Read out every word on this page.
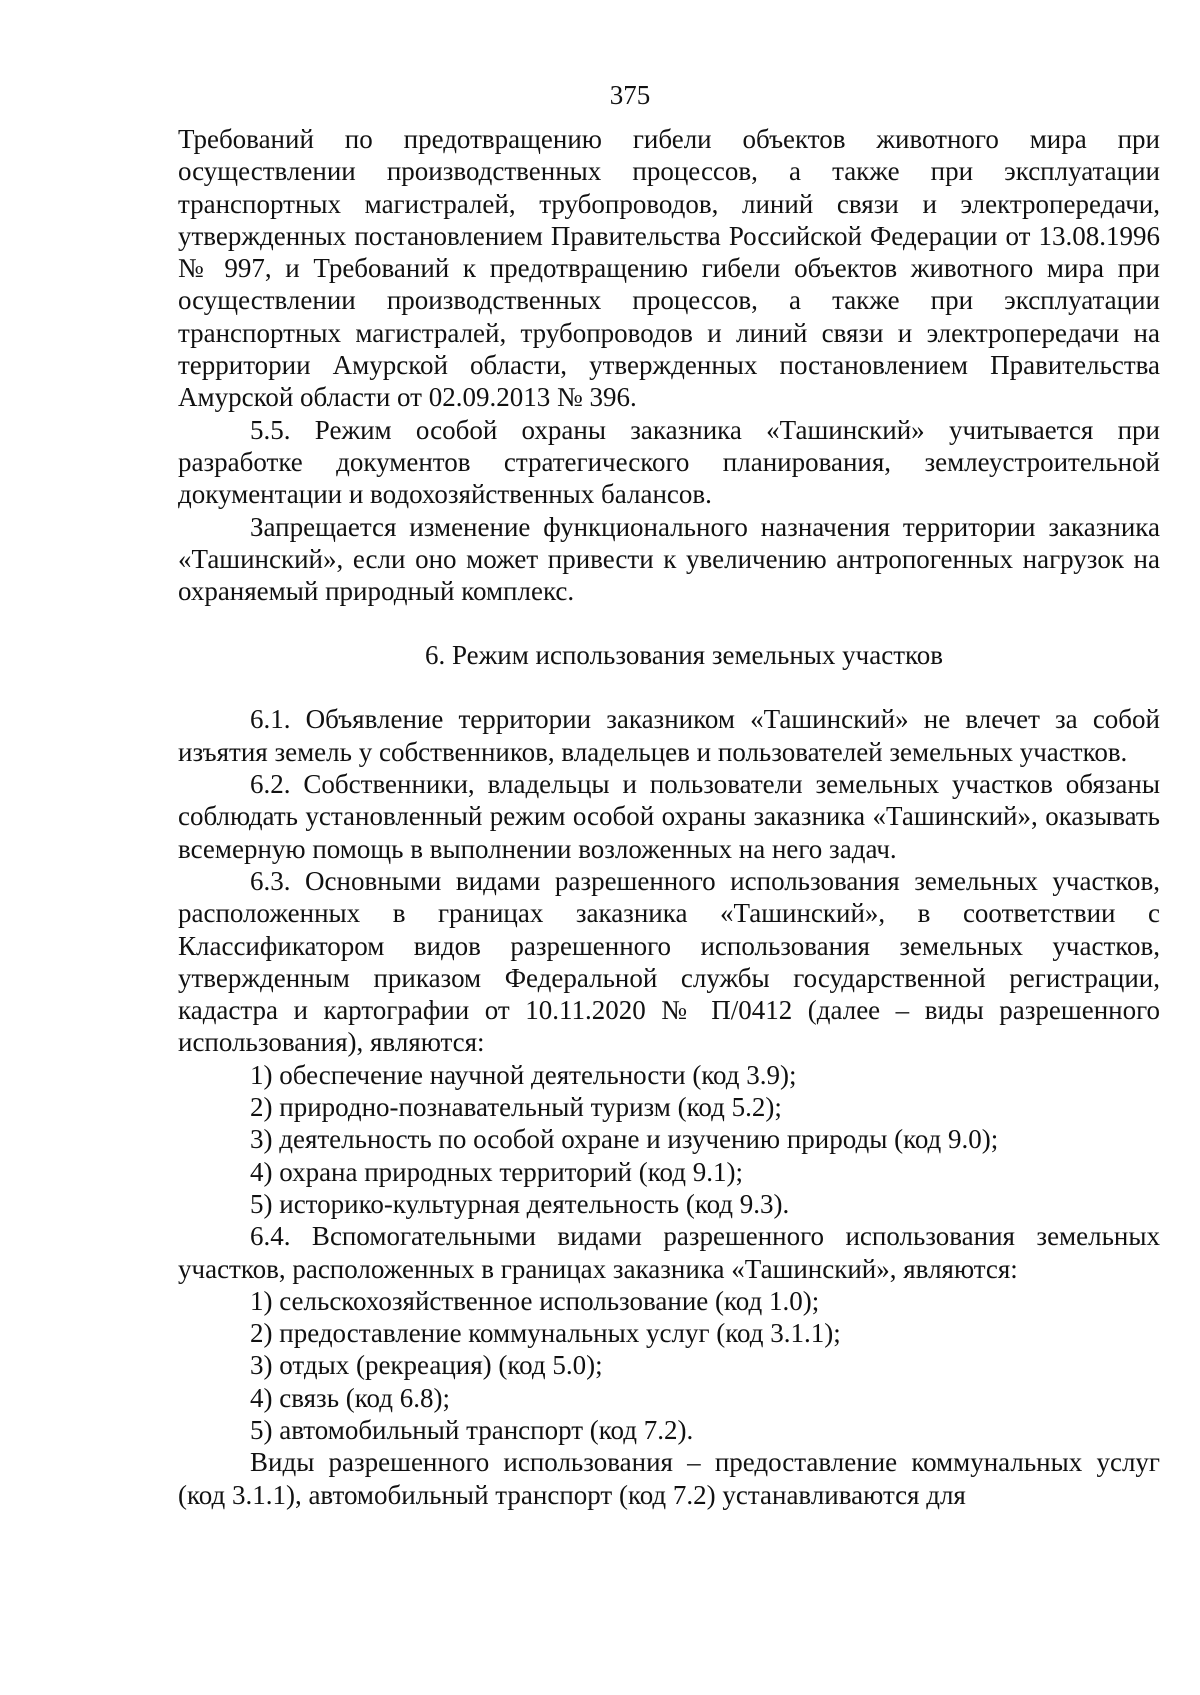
375

Требований по предотвращению гибели объектов животного мира при осуществлении производственных процессов, а также при эксплуатации транспортных магистралей, трубопроводов, линий связи и электропередачи, утвержденных постановлением Правительства Российской Федерации от 13.08.1996 № 997, и Требований к предотвращению гибели объектов животного мира при осуществлении производственных процессов, а также при эксплуатации транспортных магистралей, трубопроводов и линий связи и электропередачи на территории Амурской области, утвержденных постановлением Правительства Амурской области от 02.09.2013 № 396.

5.5. Режим особой охраны заказника «Ташинский» учитывается при разработке документов стратегического планирования, землеустроительной документации и водохозяйственных балансов.

Запрещается изменение функционального назначения территории заказника «Ташинский», если оно может привести к увеличению антропогенных нагрузок на охраняемый природный комплекс.

6. Режим использования земельных участков

6.1. Объявление территории заказником «Ташинский» не влечет за собой изъятия земель у собственников, владельцев и пользователей земельных участков.

6.2. Собственники, владельцы и пользователи земельных участков обязаны соблюдать установленный режим особой охраны заказника «Ташинский», оказывать всемерную помощь в выполнении возложенных на него задач.

6.3. Основными видами разрешенного использования земельных участков, расположенных в границах заказника «Ташинский», в соответствии с Классификатором видов разрешенного использования земельных участков, утвержденным приказом Федеральной службы государственной регистрации, кадастра и картографии от 10.11.2020 № П/0412 (далее – виды разрешенного использования), являются:

1) обеспечение научной деятельности (код 3.9);

2) природно-познавательный туризм (код 5.2);

3) деятельность по особой охране и изучению природы (код 9.0);

4) охрана природных территорий (код 9.1);

5) историко-культурная деятельность (код 9.3).

6.4. Вспомогательными видами разрешенного использования земельных участков, расположенных в границах заказника «Ташинский», являются:

1) сельскохозяйственное использование (код 1.0);

2) предоставление коммунальных услуг (код 3.1.1);

3) отдых (рекреация) (код 5.0);

4) связь (код 6.8);

5) автомобильный транспорт (код 7.2).

Виды разрешенного использования – предоставление коммунальных услуг (код 3.1.1), автомобильный транспорт (код 7.2) устанавливаются для
